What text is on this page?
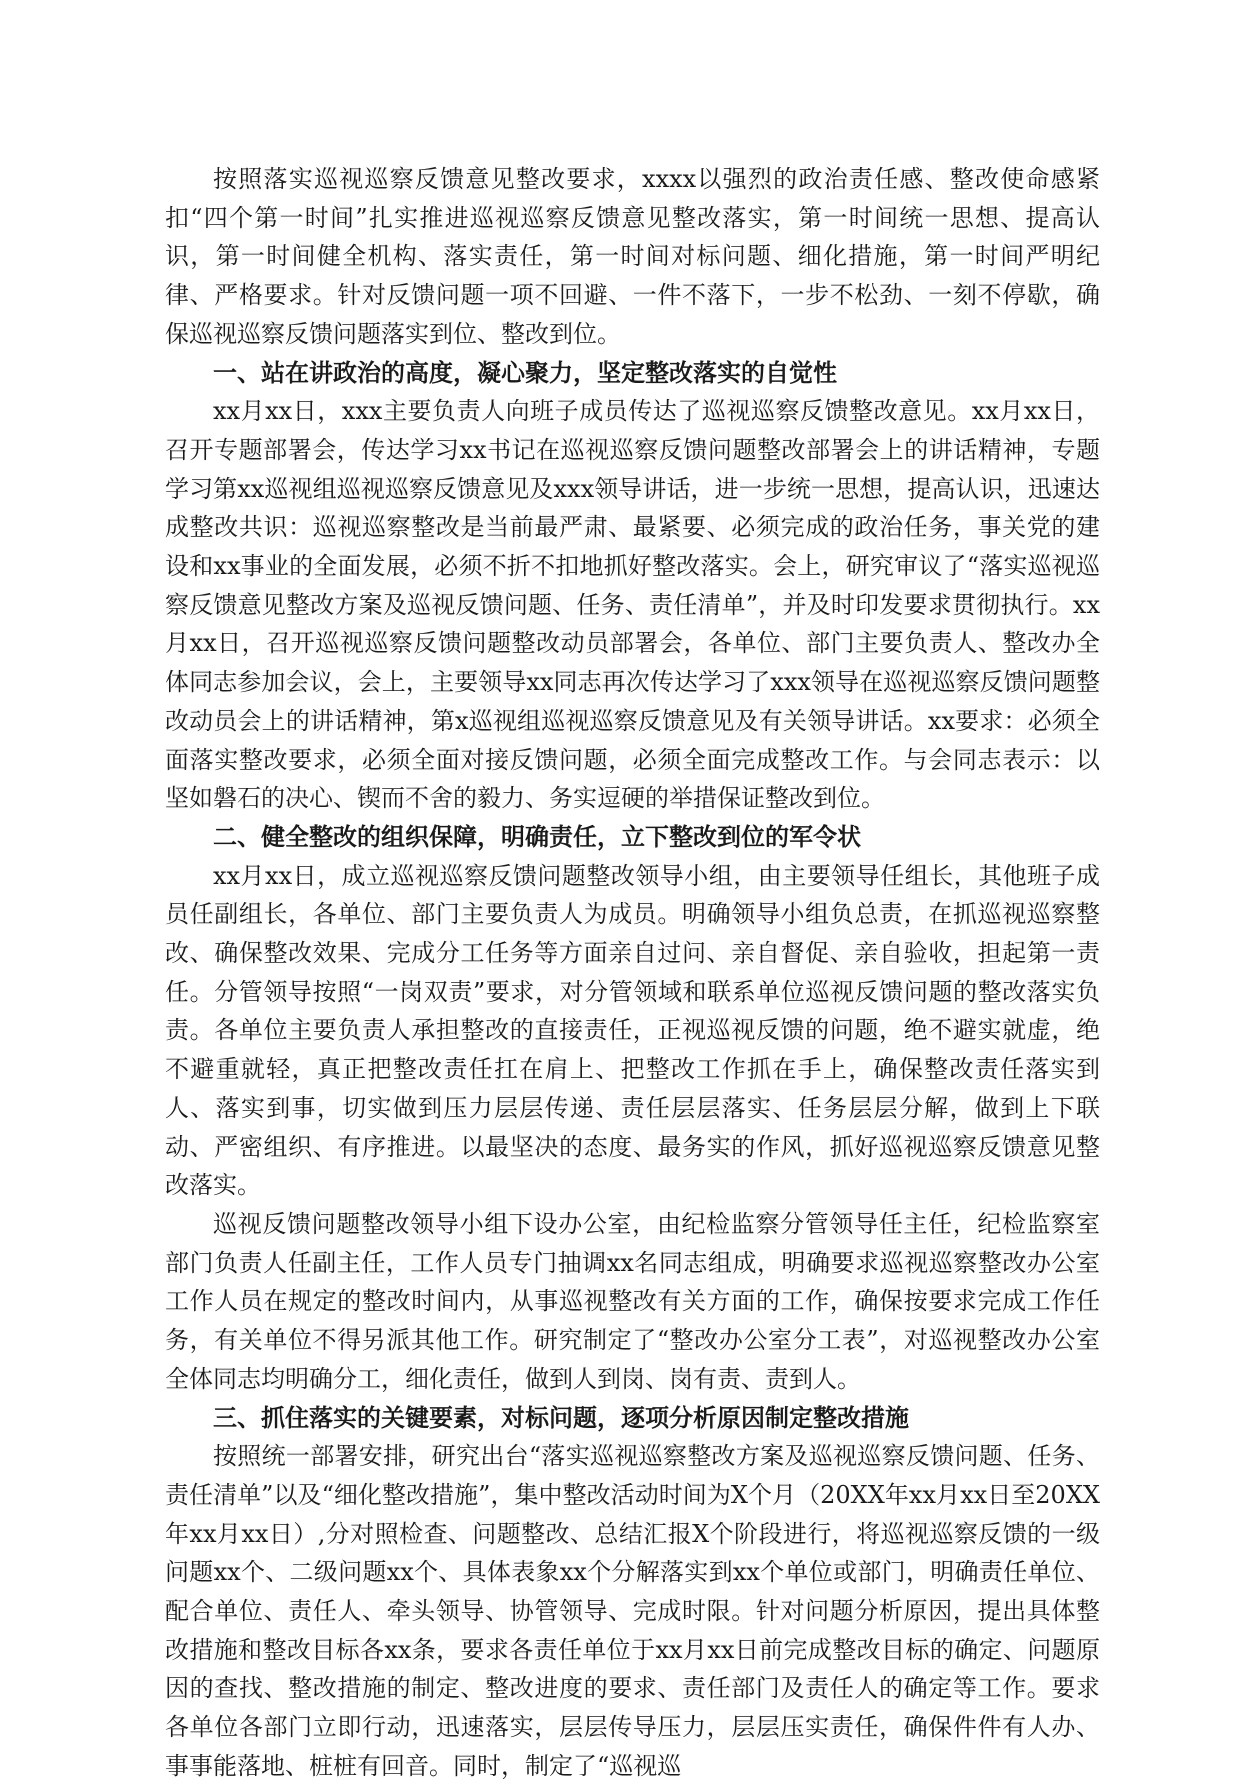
按照落实巡视巡察反馈意见整改要求，xxxx以强烈的政治责任感、整改使命感紧扣“四个第一时间”扎实推进巡视巡察反馈意见整改落实，第一时间统一思想、提高认识，第一时间健全机构、落实责任，第一时间对标问题、细化措施，第一时间严明纪律、严格要求。针对反馈问题一项不回避、一件不落下，一步不松劲、一刻不停歇，确保巡视巡察反馈问题落实到位、整改到位。

一、站在讲政治的高度，凝心聚力，坚定整改落实的自觉性

xx月xx日，xxx主要负责人向班子成员传达了巡视巡察反馈整改意见。xx月xx日，召开专题部署会，传达学习xx书记在巡视巡察反馈问题整改部署会上的讲话精神，专题学习第xx巡视组巡视巡察反馈意见及xxx领导讲话，进一步统一思想，提高认识，迅速达成整改共识：巡视巡察整改是当前最严肃、最紧要、必须完成的政治任务，事关党的建设和xx事业的全面发展，必须不折不扣地抓好整改落实。会上，研究审议了“落实巡视巡察反馈意见整改方案及巡视反馈问题、任务、责任清单”，并及时印发要求贯彻执行。xx月xx日，召开巡视巡察反馈问题整改动员部署会，各单位、部门主要负责人、整改办全体同志参加会议，会上，主要领导xx同志再次传达学习了xxx领导在巡视巡察反馈问题整改动员会上的讲话精神，第x巡视组巡视巡察反馈意见及有关领导讲话。xx要求：必须全面落实整改要求，必须全面对接反馈问题，必须全面完成整改工作。与会同志表示：以坚如磐石的决心、锲而不舍的毅力、务实逗硬的举措保证整改到位。

二、健全整改的组织保障，明确责任，立下整改到位的军令状

xx月xx日，成立巡视巡察反馈问题整改领导小组，由主要领导任组长，其他班子成员任副组长，各单位、部门主要负责人为成员。明确领导小组负总责，在抓巡视巡察整改、确保整改效果、完成分工任务等方面亲自过问、亲自督促、亲自验收，担起第一责任。分管领导按照“一岗双责”要求，对分管领域和联系单位巡视反馈问题的整改落实负责。各单位主要负责人承担整改的直接责任，正视巡视反馈的问题，绝不避实就虚，绝不避重就轻，真正把整改责任扛在肩上、把整改工作抓在手上，确保整改责任落实到人、落实到事，切实做到压力层层传递、责任层层落实、任务层层分解，做到上下联动、严密组织、有序推进。以最坚决的态度、最务实的作风，抓好巡视巡察反馈意见整改落实。

巡视反馈问题整改领导小组下设办公室，由纪检监察分管领导任主任，纪检监察室部门负责人任副主任，工作人员专门抽调xx名同志组成，明确要求巡视巡察整改办公室工作人员在规定的整改时间内，从事巡视整改有关方面的工作，确保按要求完成工作任务，有关单位不得另派其他工作。研究制定了“整改办公室分工表”，对巡视整改办公室全体同志均明确分工，细化责任，做到人到岗、岗有责、责到人。

三、抓住落实的关键要素，对标问题，逐项分析原因制定整改措施

按照统一部署安排，研究出台“落实巡视巡察整改方案及巡视巡察反馈问题、任务、责任清单”以及“细化整改措施”，集中整改活动时间为X个月（20XX年xx月xx日至20XX年xx月xx日）,分对照检查、问题整改、总结汇报X个阶段进行，将巡视巡察反馈的一级问题xx个、二级问题xx个、具体表象xx个分解落实到xx个单位或部门，明确责任单位、配合单位、责任人、牵头领导、协管领导、完成时限。针对问题分析原因，提出具体整改措施和整改目标各xx条，要求各责任单位于xx月xx日前完成整改目标的确定、问题原因的查找、整改措施的制定、整改进度的要求、责任部门及责任人的确定等工作。要求各单位各部门立即行动，迅速落实，层层传导压力，层层压实责任，确保件件有人办、事事能落地、桩桩有回音。同时，制定了“巡视巡
